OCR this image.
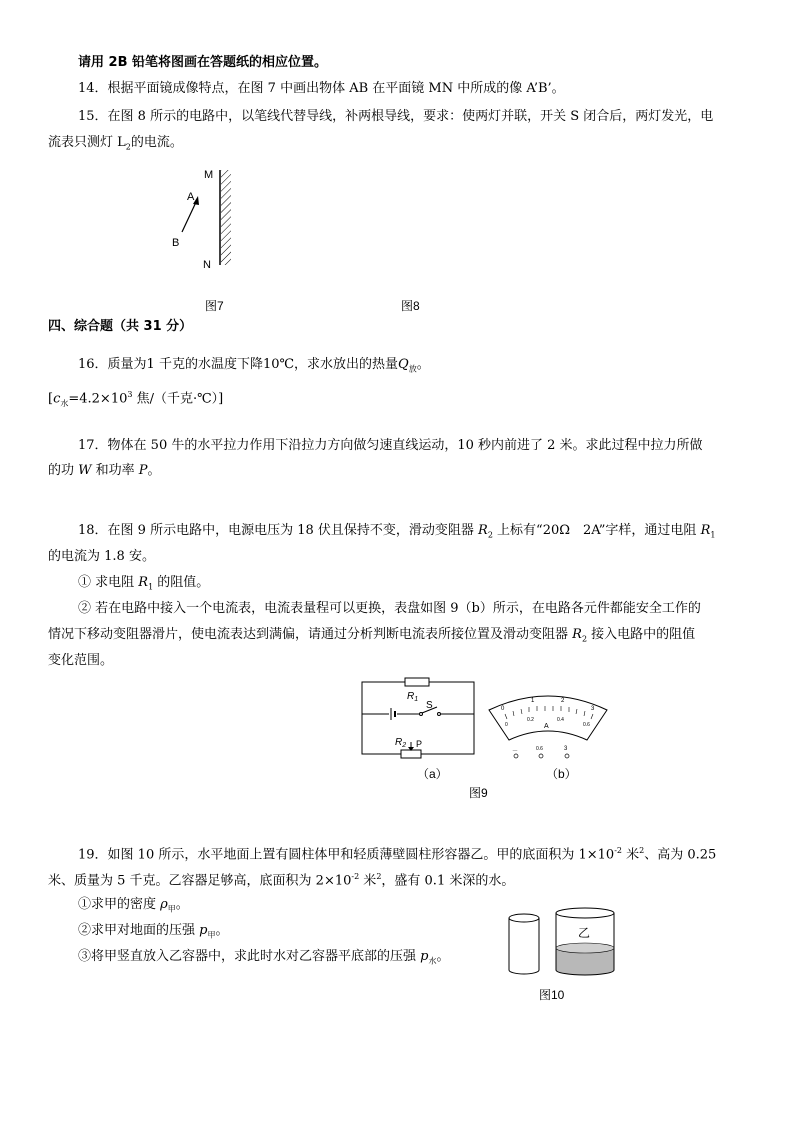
请用 2B 铅笔将图画在答题纸的相应位置。
14．根据平面镜成像特点，在图 7 中画出物体 AB 在平面镜 MN 中所成的像 A’B’。
15．在图 8 所示的电路中，以笔线代替导线，补两根导线，要求：使两灯并联，开关 S 闭合后，两灯发光，电
流表只测灯 $L_2$的电流。
M
A
B
N
图7	图8
四、综合题（共 31 分）
16．质量为1 千克的水温度下降10℃，求水放出的热量$Q_放$。
[$c_水=4.2\times 10^3$ 焦/（千克·℃）]
17．物体在 50 牛的水平拉力作用下沿拉力方向做匀速直线运动，10 秒内前进了 2 米。求此过程中拉力所做
的功 W 和功率 P。
18．在图 9 所示电路中，电源电压为 18 伏且保持不变，滑动变阻器 $R_2$ 上标有“20Ω　2A”字样，通过电阻 $R_1$
的电流为 1.8 安。
① 求电阻 $R_1$ 的阻值。
② 若在电路中接入一个电流表，电流表量程可以更换，表盘如图 9（b）所示，在电路各元件都能安全工作的
情况下移动变阻器滑片，使电流表达到满偏，请通过分析判断电流表所接位置及滑动变阻器 $R_2$ 接入电路中的阻值
变化范围。
$R_1$
S
$R_2$ P
（a）
0
1	2
3
0
0.2	0.4
0.6
A
－	0.6	3
（b）
图9
19．如图 10 所示，水平地面上置有圆柱体甲和轻质薄壁圆柱形容器乙。甲的底面积为 $1\times 10^{-2}$ 米$^2$、高为 0.25
米、质量为 5 千克。乙容器足够高，底面积为 $2\times 10^{-2}$ 米$^2$，盛有 0.1 米深的水。
①求甲的密度 $\rho_甲$。
②求甲对地面的压强 $p_甲$。
③将甲竖直放入乙容器中，求此时水对乙容器平底部的压强 $p_水$。
乙
图10
